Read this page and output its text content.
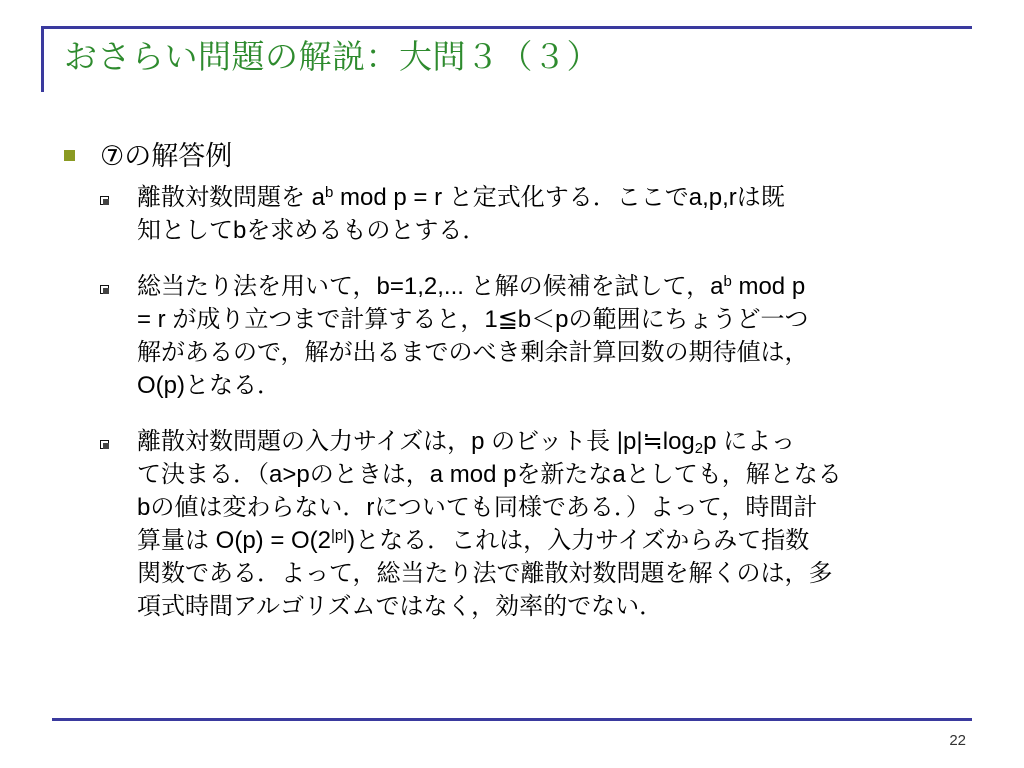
おさらい問題の解説：大問３（３）
⑦の解答例
離散対数問題を $a^b$ mod p = r と定式化する．ここでa,p,rは既
知としてbを求めるものとする．
総当たり法を用いて，b=1,2,... と解の候補を試して，$a^b$ mod p
= r が成り立つまで計算すると，1≦b＜pの範囲にちょうど一つ
解があるので，解が出るまでのべき剰余計算回数の期待値は，
O(p)となる．
離散対数問題の入力サイズは，p のビット長 $|p|≒\log_2p$ によっ
て決まる．（a>pのときは，a mod pを新たなaとしても，解となる
bの値は変わらない．rについても同様である．）よって，時間計
算量は $O(p) = O(2^{|p|})$となる．これは，入力サイズからみて指数
関数である．よって，総当たり法で離散対数問題を解くのは，多
項式時間アルゴリズムではなく，効率的でない．
22
